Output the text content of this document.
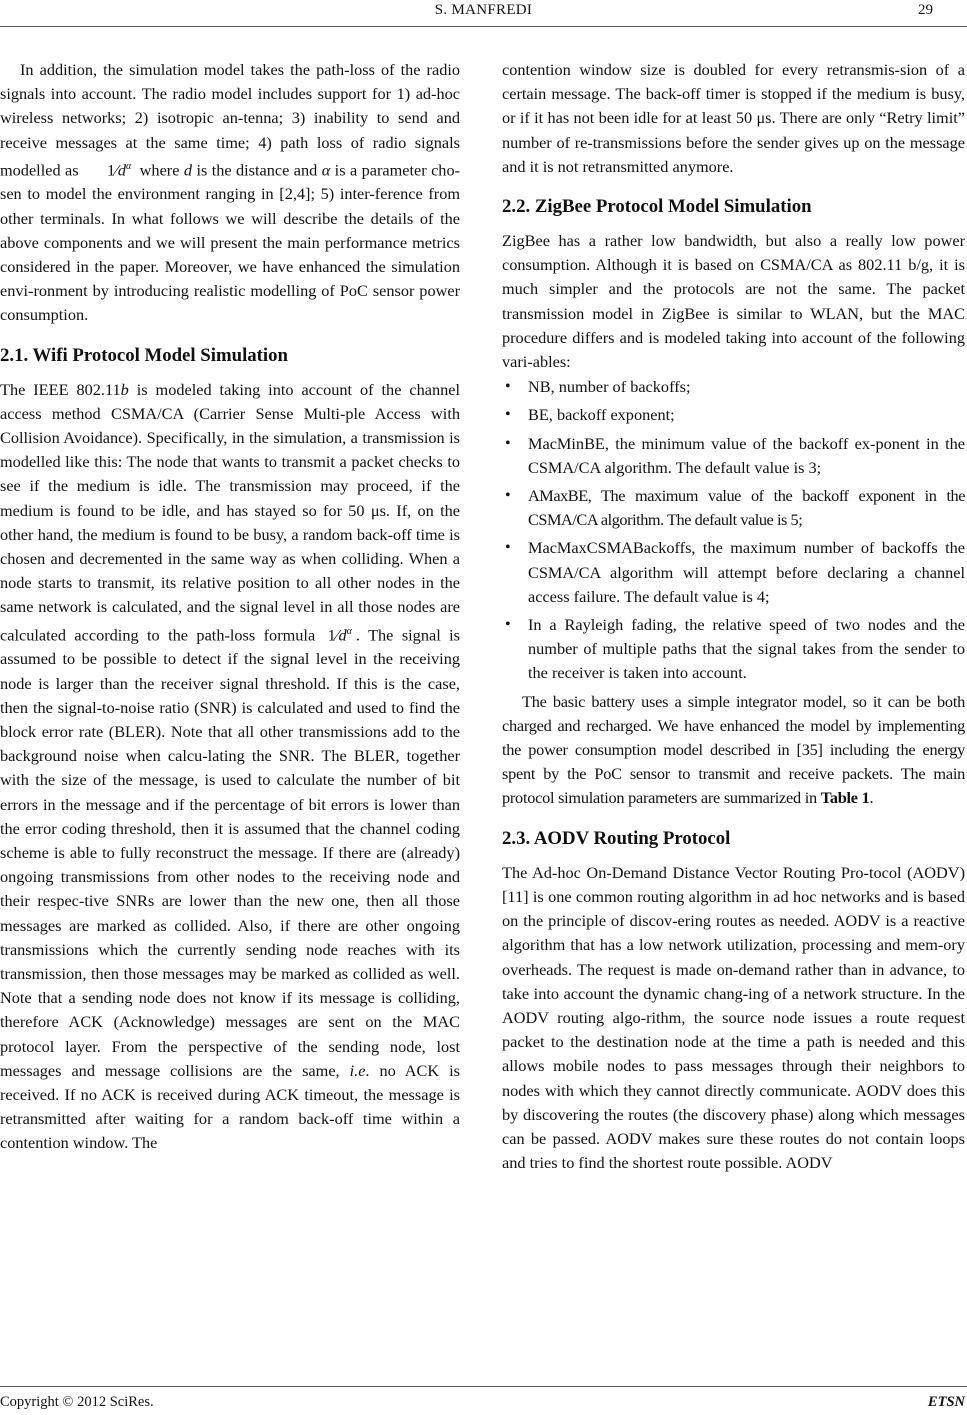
S. MANFREDI	29

In addition, the simulation model takes the path-loss of the radio signals into account. The radio model includes support for 1) ad-hoc wireless networks; 2) isotropic an-tenna; 3) inability to send and receive messages at the same time; 4) path loss of radio signals modelled as $1⁄d^\alpha$ where d is the distance and α is a parameter cho-sen to model the environment ranging in [2,4]; 5) inter-ference from other terminals. In what follows we will describe the details of the above components and we will present the main performance metrics considered in the paper. Moreover, we have enhanced the simulation envi-ronment by introducing realistic modelling of PoC sensor power consumption.

2.1. Wifi Protocol Model Simulation

The IEEE 802.11b is modeled taking into account of the channel access method CSMA/CA (Carrier Sense Multi-ple Access with Collision Avoidance). Specifically, in the simulation, a transmission is modelled like this: The node that wants to transmit a packet checks to see if the medium is idle. The transmission may proceed, if the medium is found to be idle, and has stayed so for 50 μs. If, on the other hand, the medium is found to be busy, a random back-off time is chosen and decremented in the same way as when colliding. When a node starts to transmit, its relative position to all other nodes in the same network is calculated, and the signal level in all those nodes are calculated according to the path-loss formula $1⁄d^\alpha$ . The signal is assumed to be possible to detect if the signal level in the receiving node is larger than the receiver signal threshold. If this is the case, then the signal-to-noise ratio (SNR) is calculated and used to find the block error rate (BLER). Note that all other transmissions add to the background noise when calcu-lating the SNR. The BLER, together with the size of the message, is used to calculate the number of bit errors in the message and if the percentage of bit errors is lower than the error coding threshold, then it is assumed that the channel coding scheme is able to fully reconstruct the message. If there are (already) ongoing transmissions from other nodes to the receiving node and their respec-tive SNRs are lower than the new one, then all those messages are marked as collided. Also, if there are other ongoing transmissions which the currently sending node reaches with its transmission, then those messages may be marked as collided as well. Note that a sending node does not know if its message is colliding, therefore ACK (Acknowledge) messages are sent on the MAC protocol layer. From the perspective of the sending node, lost messages and message collisions are the same, i.e. no ACK is received. If no ACK is received during ACK timeout, the message is retransmitted after waiting for a random back-off time within a contention window. The

contention window size is doubled for every retransmis-sion of a certain message. The back-off timer is stopped if the medium is busy, or if it has not been idle for at least 50 μs. There are only “Retry limit” number of re-transmissions before the sender gives up on the message and it is not retransmitted anymore.

2.2. ZigBee Protocol Model Simulation

ZigBee has a rather low bandwidth, but also a really low power consumption. Although it is based on CSMA/CA as 802.11 b/g, it is much simpler and the protocols are not the same. The packet transmission model in ZigBee is similar to WLAN, but the MAC procedure differs and is modeled taking into account of the following vari-ables:

• NB, number of backoffs;
• BE, backoff exponent;
• MacMinBE, the minimum value of the backoff ex-ponent in the CSMA/CA algorithm. The default value is 3;
• AMaxBE, The maximum value of the backoff exponent in the CSMA/CA algorithm. The default value is 5;
• MacMaxCSMABackoffs, the maximum number of backoffs the CSMA/CA algorithm will attempt before declaring a channel access failure. The default value is 4;
• In a Rayleigh fading, the relative speed of two nodes and the number of multiple paths that the signal takes from the sender to the receiver is taken into account.

The basic battery uses a simple integrator model, so it can be both charged and recharged. We have enhanced the model by implementing the power consumption model described in [35] including the energy spent by the PoC sensor to transmit and receive packets. The main protocol simulation parameters are summarized in Table 1.

2.3. AODV Routing Protocol

The Ad-hoc On-Demand Distance Vector Routing Pro-tocol (AODV) [11] is one common routing algorithm in ad hoc networks and is based on the principle of discov-ering routes as needed. AODV is a reactive algorithm that has a low network utilization, processing and mem-ory overheads. The request is made on-demand rather than in advance, to take into account the dynamic chang-ing of a network structure. In the AODV routing algo-rithm, the source node issues a route request packet to the destination node at the time a path is needed and this allows mobile nodes to pass messages through their neighbors to nodes with which they cannot directly communicate. AODV does this by discovering the routes (the discovery phase) along which messages can be passed. AODV makes sure these routes do not contain loops and tries to find the shortest route possible. AODV

Copyright © 2012 SciRes.	ETSN
